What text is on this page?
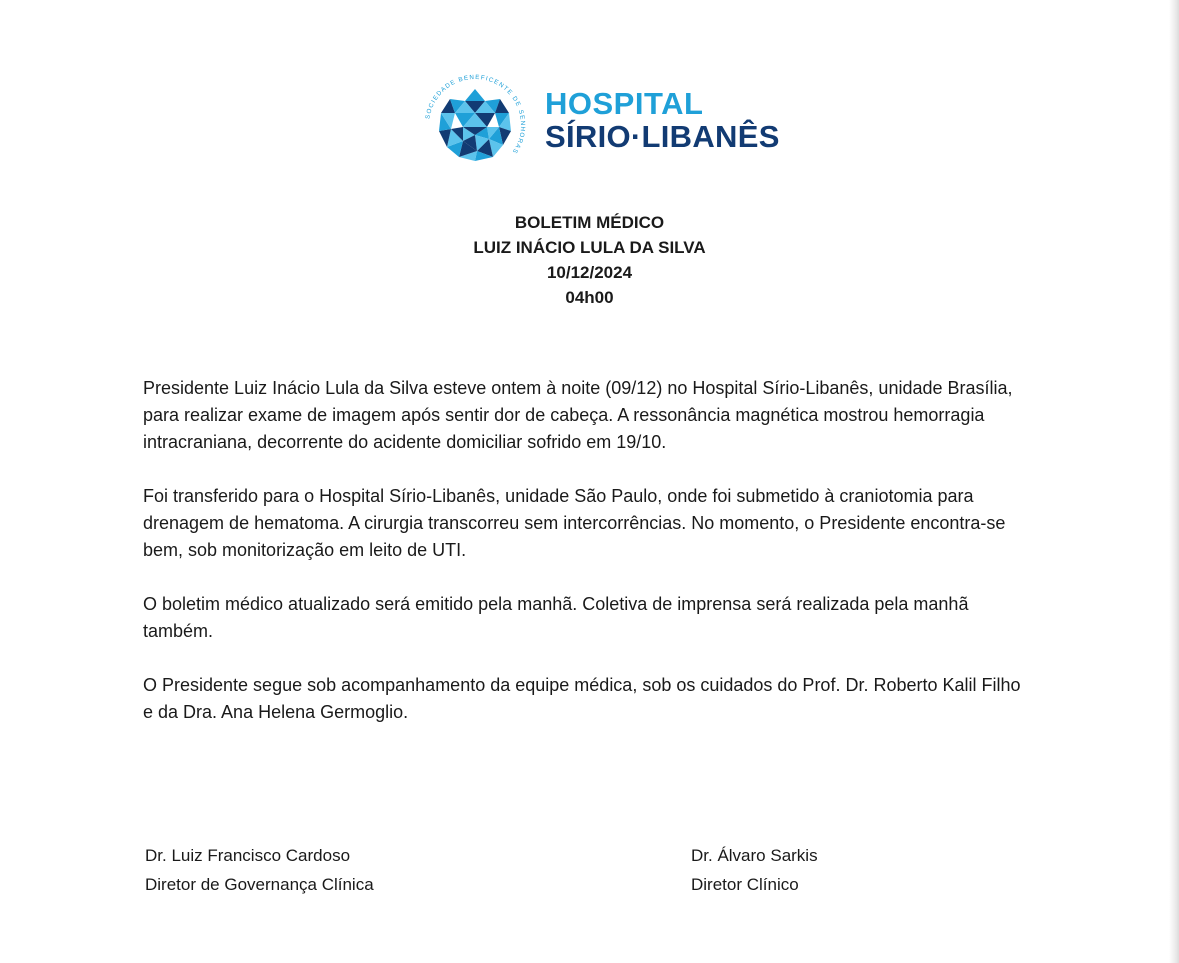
SOCIEDADE BENEFICENTE DE SENHORAS
HOSPITAL
SÍRIO·LIBANÊS
BOLETIM MÉDICO
LUIZ INÁCIO LULA DA SILVA
10/12/2024
04h00

Presidente Luiz Inácio Lula da Silva esteve ontem à noite (09/12) no Hospital Sírio-Libanês, unidade Brasília, para realizar exame de imagem após sentir dor de cabeça. A ressonância magnética mostrou hemorragia intracraniana, decorrente do acidente domiciliar sofrido em 19/10.

Foi transferido para o Hospital Sírio-Libanês, unidade São Paulo, onde foi submetido à craniotomia para drenagem de hematoma. A cirurgia transcorreu sem intercorrências. No momento, o Presidente encontra-se bem, sob monitorização em leito de UTI.

O boletim médico atualizado será emitido pela manhã. Coletiva de imprensa será realizada pela manhã também.

O Presidente segue sob acompanhamento da equipe médica, sob os cuidados do Prof. Dr. Roberto Kalil Filho e da Dra. Ana Helena Germoglio.

Dr. Luiz Francisco Cardoso
Diretor de Governança Clínica
Dr. Álvaro Sarkis
Diretor Clínico
